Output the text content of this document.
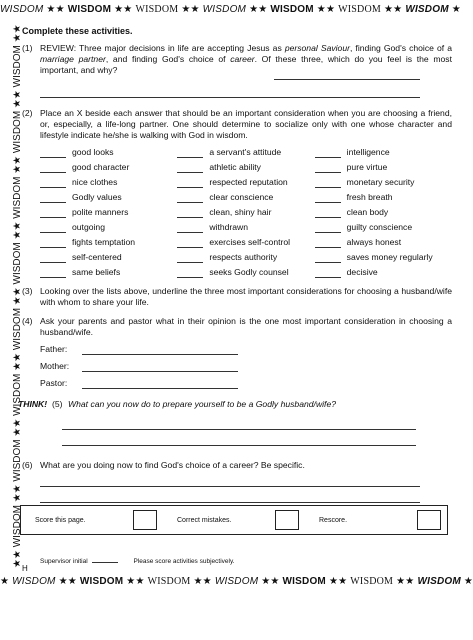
WISDOM ★★ WISDOM ★★ WISDOM ★★ WISDOM ★★ WISDOM ★★ WISDOM ★★ WISDOM ★
★★ WISDOM ★★ WISDOM ★★ WISDOM ★★ WISDOM ★★ WISDOM ★★ WISDOM ★★ WISDOM ★★ WISDOM ★★ Complete these activities.
(1) REVIEW: Three major decisions in life are accepting Jesus as personal Saviour, finding God's choice of a marriage partner, and finding God's choice of career. Of these three, which do you feel is the most important, and why?
(2) Place an X beside each answer that should be an important consideration when you are choosing a friend, or, especially, a life-long partner. One should determine to socialize only with one whose character and lifestyle indicate he/she is walking with God in wisdom.
good looks	a servant's attitude	intelligence
good character	athletic ability	pure virtue
nice clothes	respected reputation	monetary security
Godly values	clear conscience	fresh breath
polite manners	clean, shiny hair	clean body
outgoing	withdrawn	guilty conscience
fights temptation	exercises self-control	always honest
self-centered	respects authority	saves money regularly
same beliefs	seeks Godly counsel	decisive
(3) Looking over the lists above, underline the three most important considerations for choosing a husband/wife with whom to share your life.
(4) Ask your parents and pastor what in their opinion is the one most important consideration in choosing a husband/wife.
Father:
Mother:
Pastor:
THINK! (5) What can you now do to prepare yourself to be a Godly husband/wife?
(6) What are you doing now to find God's choice of a career? Be specific.
Score this page.	Correct mistakes.	Rescore.
Supervisor initial	Please score activities subjectively.
H
★ WISDOM ★★ WISDOM ★★ WISDOM ★★ WISDOM ★★ WISDOM ★★ WISDOM ★★ WISDOM ★
